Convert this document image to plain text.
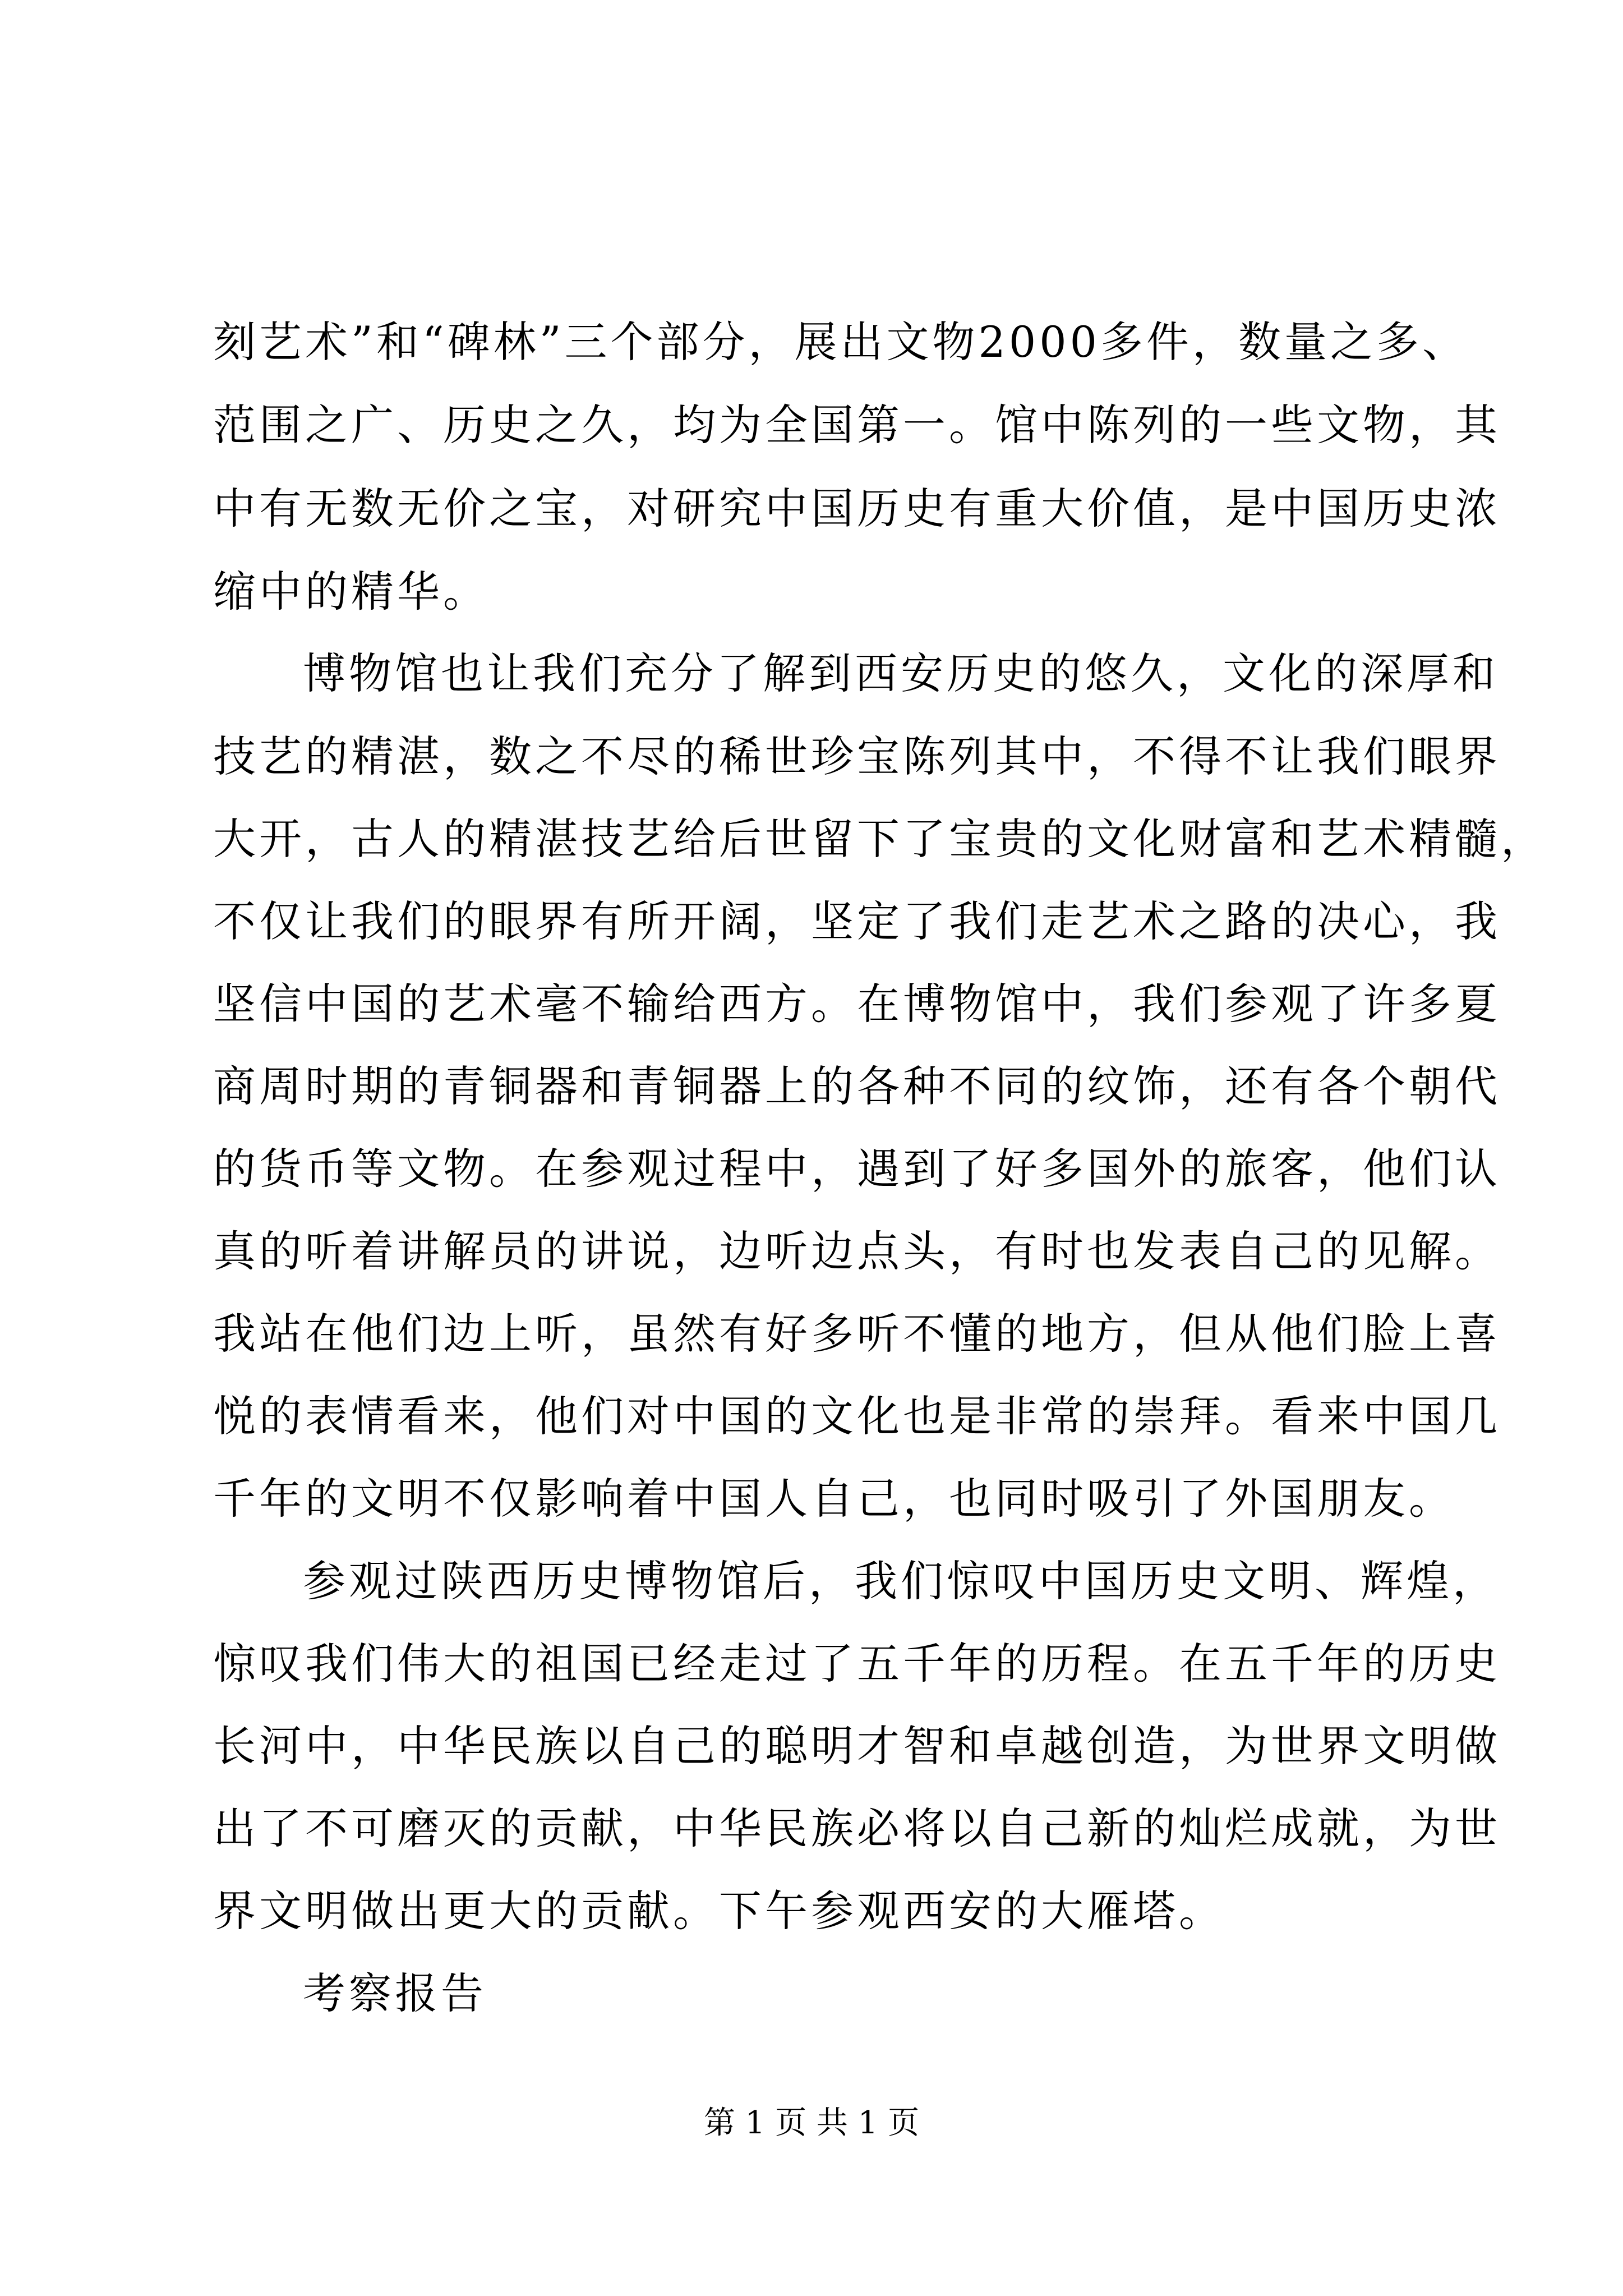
刻艺术”和“碑林”三个部分，展出文物2000多件，数量之多、
范围之广、历史之久，均为全国第一。馆中陈列的一些文物，其
中有无数无价之宝，对研究中国历史有重大价值，是中国历史浓
缩中的精华。
博物馆也让我们充分了解到西安历史的悠久，文化的深厚和
技艺的精湛，数之不尽的稀世珍宝陈列其中，不得不让我们眼界
大开，古人的精湛技艺给后世留下了宝贵的文化财富和艺术精髓，
不仅让我们的眼界有所开阔，坚定了我们走艺术之路的决心，我
坚信中国的艺术毫不输给西方。在博物馆中，我们参观了许多夏
商周时期的青铜器和青铜器上的各种不同的纹饰，还有各个朝代
的货币等文物。在参观过程中，遇到了好多国外的旅客，他们认
真的听着讲解员的讲说，边听边点头，有时也发表自己的见解。
我站在他们边上听，虽然有好多听不懂的地方，但从他们脸上喜
悦的表情看来，他们对中国的文化也是非常的崇拜。看来中国几
千年的文明不仅影响着中国人自己，也同时吸引了外国朋友。
参观过陕西历史博物馆后，我们惊叹中国历史文明、辉煌，
惊叹我们伟大的祖国已经走过了五千年的历程。在五千年的历史
长河中，中华民族以自己的聪明才智和卓越创造，为世界文明做
出了不可磨灭的贡献，中华民族必将以自己新的灿烂成就，为世
界文明做出更大的贡献。下午参观西安的大雁塔。
考察报告
第 1 页 共 1 页
